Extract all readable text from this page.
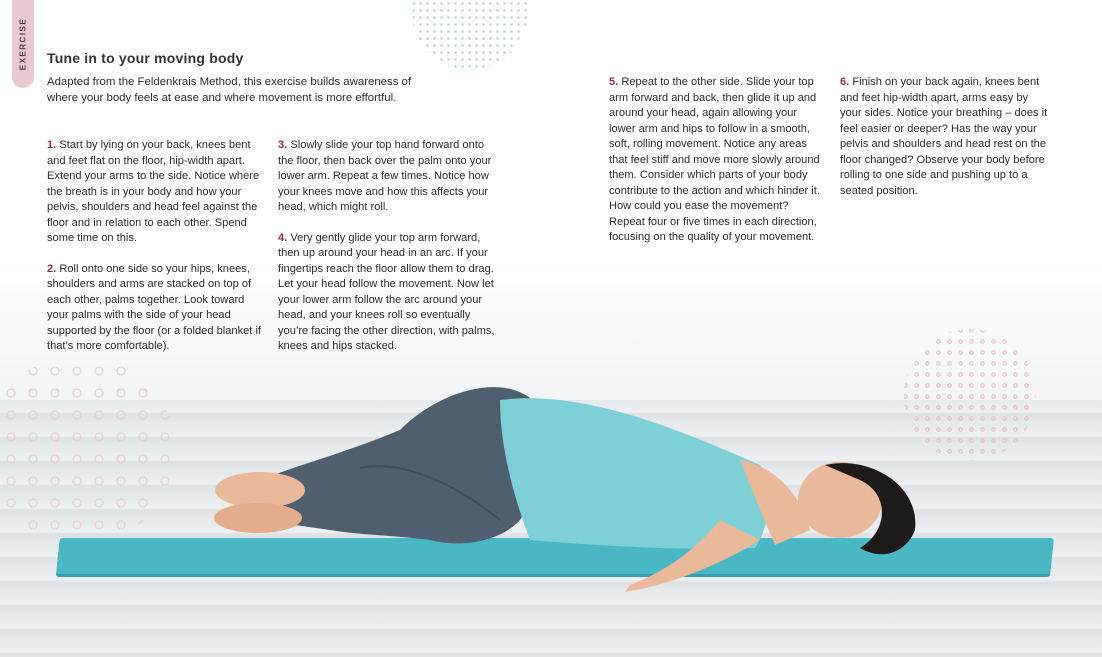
EXERCISE Tune in to your moving body

Adapted from the Feldenkrais Method, this exercise builds awareness of where your body feels at ease and where movement is more effortful.

1. Start by lying on your back, knees bent and feet flat on the floor, hip-width apart. Extend your arms to the side. Notice where the breath is in your body and how your pelvis, shoulders and head feel against the floor and in relation to each other. Spend some time on this.

2. Roll onto one side so your hips, knees, shoulders and arms are stacked on top of each other, palms together. Look toward your palms with the side of your head supported by the floor (or a folded blanket if that’s more comfortable).

3. Slowly slide your top hand forward onto the floor, then back over the palm onto your lower arm. Repeat a few times. Notice how your knees move and how this affects your head, which might roll.

4. Very gently glide your top arm forward, then up around your head in an arc. If your fingertips reach the floor allow them to drag. Let your head follow the movement. Now let your lower arm follow the arc around your head, and your knees roll so eventually you’re facing the other direction, with palms, knees and hips stacked.

5. Repeat to the other side. Slide your top arm forward and back, then glide it up and around your head, again allowing your lower arm and hips to follow in a smooth, soft, rolling movement. Notice any areas that feel stiff and move more slowly around them. Consider which parts of your body contribute to the action and which hinder it. How could you ease the movement? Repeat four or five times in each direction, focusing on the quality of your movement.

6. Finish on your back again, knees bent and feet hip-width apart, arms easy by your sides. Notice your breathing – does it feel easier or deeper? Has the way your pelvis and shoulders and head rest on the floor changed? Observe your body before rolling to one side and pushing up to a seated position.
